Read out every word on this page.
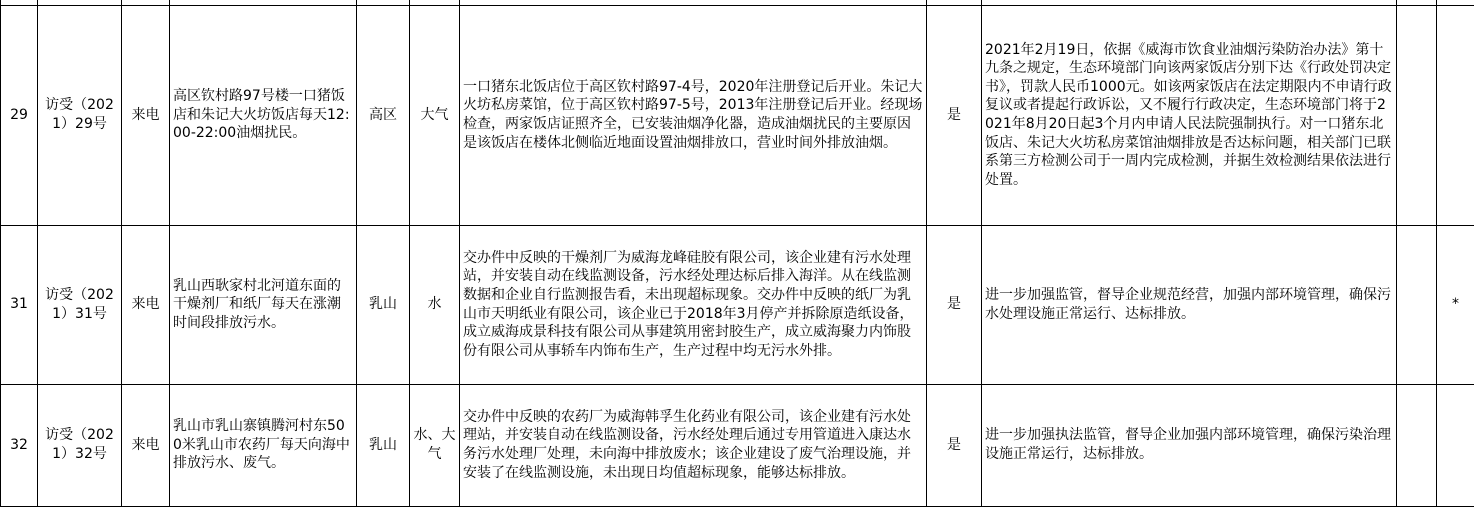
29	访受（2021）29号	来电	高区钦村路97号楼一口猪饭店和朱记大火坊饭店每天12:00-22:00油烟扰民。	高区	大气	一口猪东北饭店位于高区钦村路97-4号，2020年注册登记后开业。朱记大火坊私房菜馆，位于高区钦村路97-5号，2013年注册登记后开业。经现场检查，两家饭店证照齐全，已安装油烟净化器，造成油烟扰民的主要原因是该饭店在楼体北侧临近地面设置油烟排放口，营业时间外排放油烟。	是	2021年2月19日，依据《威海市饮食业油烟污染防治办法》第十九条之规定，生态环境部门向该两家饭店分别下达《行政处罚决定书》，罚款人民币1000元。如该两家饭店在法定期限内不申请行政复议或者提起行政诉讼，又不履行行政决定，生态环境部门将于2021年8月20日起3个月内申请人民法院强制执行。对一口猪东北饭店、朱记大火坊私房菜馆油烟排放是否达标问题，相关部门已联系第三方检测公司于一周内完成检测，并据生效检测结果依法进行处置。		
31	访受（2021）31号	来电	乳山西耿家村北河道东面的干燥剂厂和纸厂每天在涨潮时间段排放污水。	乳山	水	交办件中反映的干燥剂厂为威海龙峰硅胶有限公司，该企业建有污水处理站，并安装自动在线监测设备，污水经处理达标后排入海洋。从在线监测数据和企业自行监测报告看，未出现超标现象。交办件中反映的纸厂为乳山市天明纸业有限公司，该企业已于2018年3月停产并拆除原造纸设备，成立威海成景科技有限公司从事建筑用密封胶生产，成立威海聚力内饰股份有限公司从事轿车内饰布生产，生产过程中均无污水外排。	是	进一步加强监管，督导企业规范经营，加强内部环境管理，确保污水处理设施正常运行、达标排放。		*
32	访受（2021）32号	来电	乳山市乳山寨镇腾河村东500米乳山市农药厂每天向海中排放污水、废气。	乳山	水、大气	交办件中反映的农药厂为威海韩孚生化药业有限公司，该企业建有污水处理站，并安装自动在线监测设备，污水经处理后通过专用管道进入康达水务污水处理厂处理，未向海中排放废水；该企业建设了废气治理设施，并安装了在线监测设施，未出现日均值超标现象，能够达标排放。	是	进一步加强执法监管，督导企业加强内部环境管理，确保污染治理设施正常运行，达标排放。		
